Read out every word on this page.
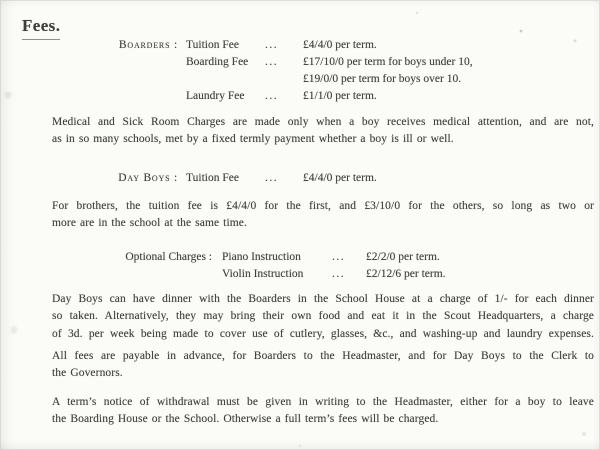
Fees.
Boarders : Tuition Fee ... £4/4/0 per term.
Boarding Fee ... £17/10/0 per term for boys under 10,
£19/0/0 per term for boys over 10.
Laundry Fee ... £1/1/0 per term.

Medical and Sick Room Charges are made only when a boy receives medical attention, and are not,
as in so many schools, met by a fixed termly payment whether a boy is ill or well.

Day Boys : Tuition Fee ... £4/4/0 per term.

For brothers, the tuition fee is £4/4/0 for the first, and £3/10/0 for the others, so long as two or
more are in the school at the same time.

Optional Charges : Piano Instruction	... £2/2/0 per term.
Violin Instruction ... £2/12/6 per term.

Day Boys can have dinner with the Boarders in the School House at a charge of 1/- for each dinner
so taken. Alternatively, they may bring their own food and eat it in the Scout Headquarters, a charge
of 3d. per week being made to cover use of cutlery, glasses, &c., and washing-up and laundry expenses.

All fees are payable in advance, for Boarders to the Headmaster, and for Day Boys to the Clerk to
the Governors.

A term’s notice of withdrawal must be given in writing to the Headmaster, either for a boy to leave
the Boarding House or the School. Otherwise a full term’s fees will be charged.
